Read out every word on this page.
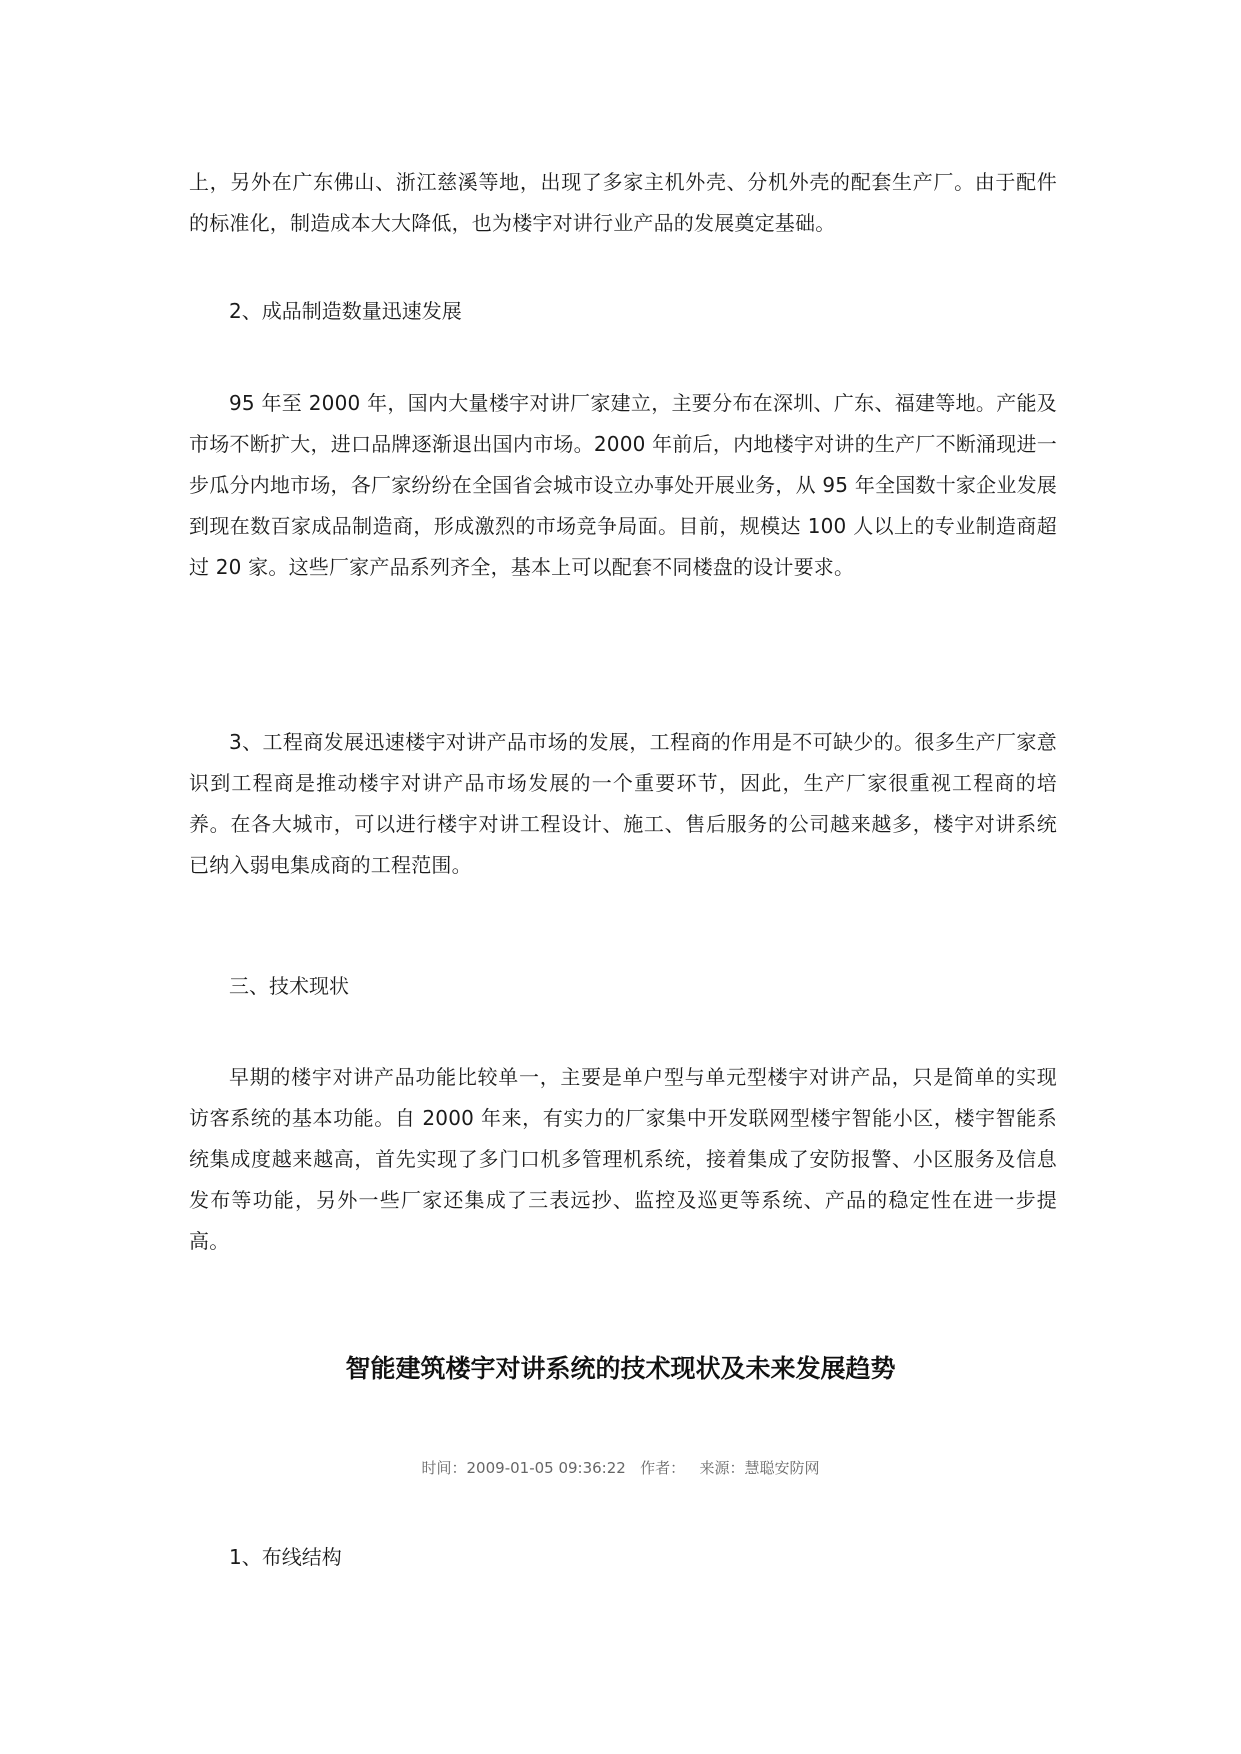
上，另外在广东佛山、浙江慈溪等地，出现了多家主机外壳、分机外壳的配套生产厂。由于配件的标准化，制造成本大大降低，也为楼宇对讲行业产品的发展奠定基础。

2、成品制造数量迅速发展

95 年至 2000 年，国内大量楼宇对讲厂家建立，主要分布在深圳、广东、福建等地。产能及市场不断扩大，进口品牌逐渐退出国内市场。2000 年前后，内地楼宇对讲的生产厂不断涌现进一步瓜分内地市场，各厂家纷纷在全国省会城市设立办事处开展业务，从 95 年全国数十家企业发展到现在数百家成品制造商，形成激烈的市场竞争局面。目前，规模达 100 人以上的专业制造商超过 20 家。这些厂家产品系列齐全，基本上可以配套不同楼盘的设计要求。

3、工程商发展迅速楼宇对讲产品市场的发展，工程商的作用是不可缺少的。很多生产厂家意识到工程商是推动楼宇对讲产品市场发展的一个重要环节，因此，生产厂家很重视工程商的培养。在各大城市，可以进行楼宇对讲工程设计、施工、售后服务的公司越来越多，楼宇对讲系统已纳入弱电集成商的工程范围。

三、技术现状

早期的楼宇对讲产品功能比较单一，主要是单户型与单元型楼宇对讲产品，只是简单的实现访客系统的基本功能。自 2000 年来，有实力的厂家集中开发联网型楼宇智能小区，楼宇智能系统集成度越来越高，首先实现了多门口机多管理机系统，接着集成了安防报警、小区服务及信息发布等功能，另外一些厂家还集成了三表远抄、监控及巡更等系统、产品的稳定性在进一步提高。

智能建筑楼宇对讲系统的技术现状及未来发展趋势

时间：2009-01-05 09:36:22 作者： 来源：慧聪安防网

1、布线结构
